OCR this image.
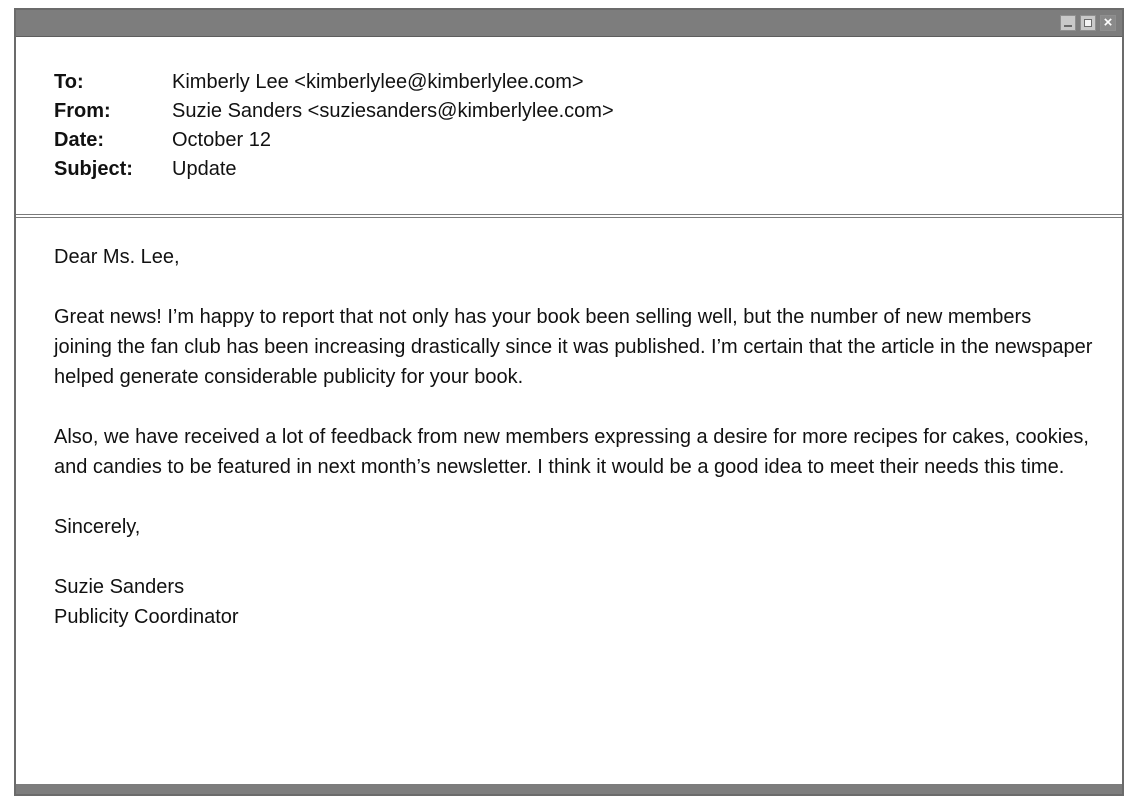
×
To:	Kimberly Lee <kimberlylee@kimberlylee.com>
From:	Suzie Sanders <suziesanders@kimberlylee.com>
Date:	October 12
Subject:	Update

Dear Ms. Lee,

Great news! I’m happy to report that not only has your book been selling well, but the number of new members joining the fan club has been increasing drastically since it was published. I’m certain that the article in the newspaper helped generate considerable publicity for your book.

Also, we have received a lot of feedback from new members expressing a desire for more recipes for cakes, cookies, and candies to be featured in next month’s newsletter. I think it would be a good idea to meet their needs this time.

Sincerely,

Suzie Sanders

Publicity Coordinator
